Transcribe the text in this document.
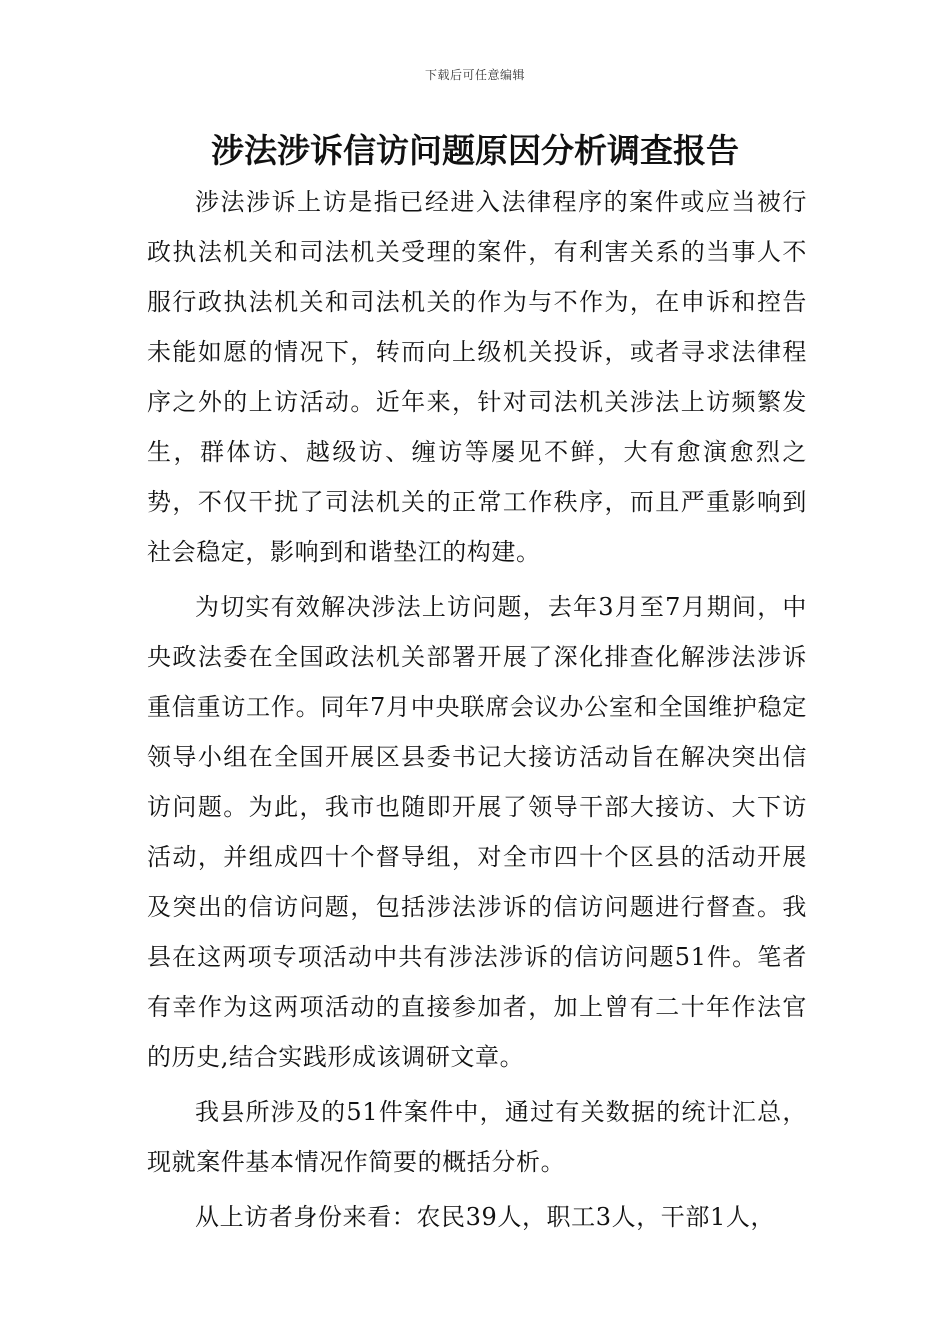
下载后可任意编辑
涉法涉诉信访问题原因分析调查报告

涉法涉诉上访是指已经进入法律程序的案件或应当被行政执法机关和司法机关受理的案件，有利害关系的当事人不服行政执法机关和司法机关的作为与不作为，在申诉和控告未能如愿的情况下，转而向上级机关投诉，或者寻求法律程序之外的上访活动。近年来，针对司法机关涉法上访频繁发生，群体访、越级访、缠访等屡见不鲜，大有愈演愈烈之势，不仅干扰了司法机关的正常工作秩序，而且严重影响到社会稳定，影响到和谐垫江的构建。

为切实有效解决涉法上访问题，去年3月至7月期间，中央政法委在全国政法机关部署开展了深化排查化解涉法涉诉重信重访工作。同年7月中央联席会议办公室和全国维护稳定领导小组在全国开展区县委书记大接访活动旨在解决突出信访问题。为此，我市也随即开展了领导干部大接访、大下访活动，并组成四十个督导组，对全市四十个区县的活动开展及突出的信访问题，包括涉法涉诉的信访问题进行督查。我县在这两项专项活动中共有涉法涉诉的信访问题51件。笔者有幸作为这两项活动的直接参加者，加上曾有二十年作法官的历史,结合实践形成该调研文章。

我县所涉及的51件案件中，通过有关数据的统计汇总，现就案件基本情况作简要的概括分析。

从上访者身份来看：农民39人，职工3人，干部1人，
